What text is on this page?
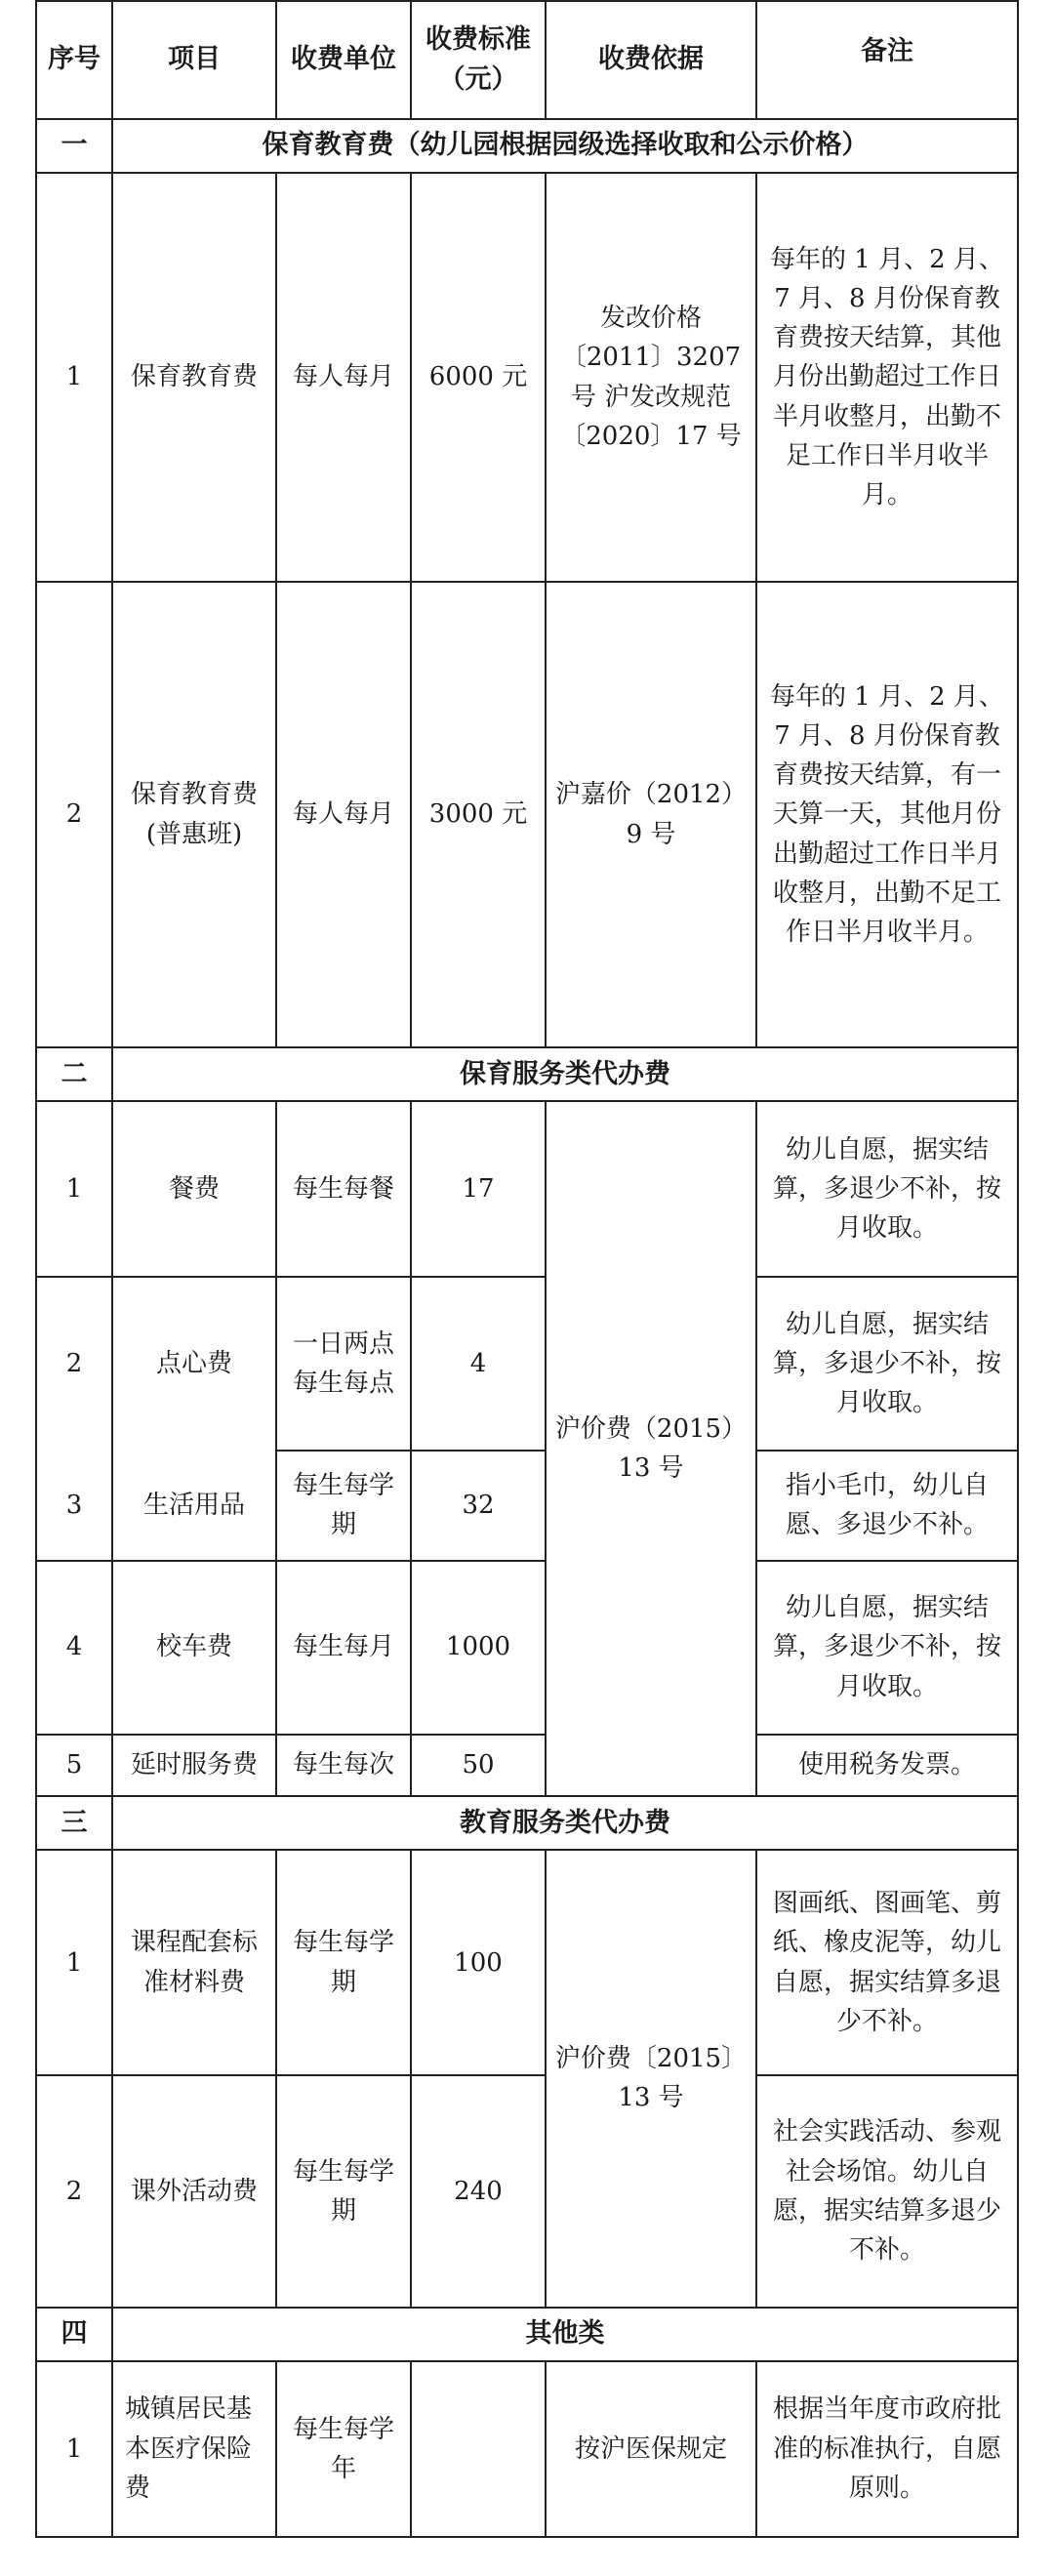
序号	项目	收费单位	收费标准（元）	收费依据	备注
一	保育教育费（幼儿园根据园级选择收取和公示价格）				
1	保育教育费	每人每月	6000 元	发改价格〔2011〕3207 号 沪发改规范〔2020〕17 号	每年的 1 月、2 月、7 月、8 月份保育教育费按天结算，其他月份出勤超过工作日半月收整月，出勤不足工作日半月收半月。
2	保育教育费(普惠班)	每人每月	3000 元	沪嘉价（2012）9 号	每年的 1 月、2 月、7 月、8 月份保育教育费按天结算，有一天算一天，其他月份出勤超过工作日半月收整月，出勤不足工作日半月收半月。
二	保育服务类代办费				
1	餐费	每生每餐	17	沪价费（2015）13 号	幼儿自愿，据实结算，多退少不补，按月收取。
2	点心费	一日两点每生每点	4		幼儿自愿，据实结算，多退少不补，按月收取。
3	生活用品	每生每学期	32		指小毛巾，幼儿自愿、多退少不补。
4	校车费	每生每月	1000		幼儿自愿，据实结算，多退少不补，按月收取。
5	延时服务费	每生每次	50		使用税务发票。
三	教育服务类代办费				
1	课程配套标准材料费	每生每学期	100	沪价费〔2015〕13 号	图画纸、图画笔、剪纸、橡皮泥等，幼儿自愿，据实结算多退少不补。
2	课外活动费	每生每学期	240		社会实践活动、参观社会场馆。幼儿自愿，据实结算多退少不补。
四	其他类				
1	城镇居民基本医疗保险费	每生每学年		按沪医保规定	根据当年度市政府批准的标准执行，自愿原则。
